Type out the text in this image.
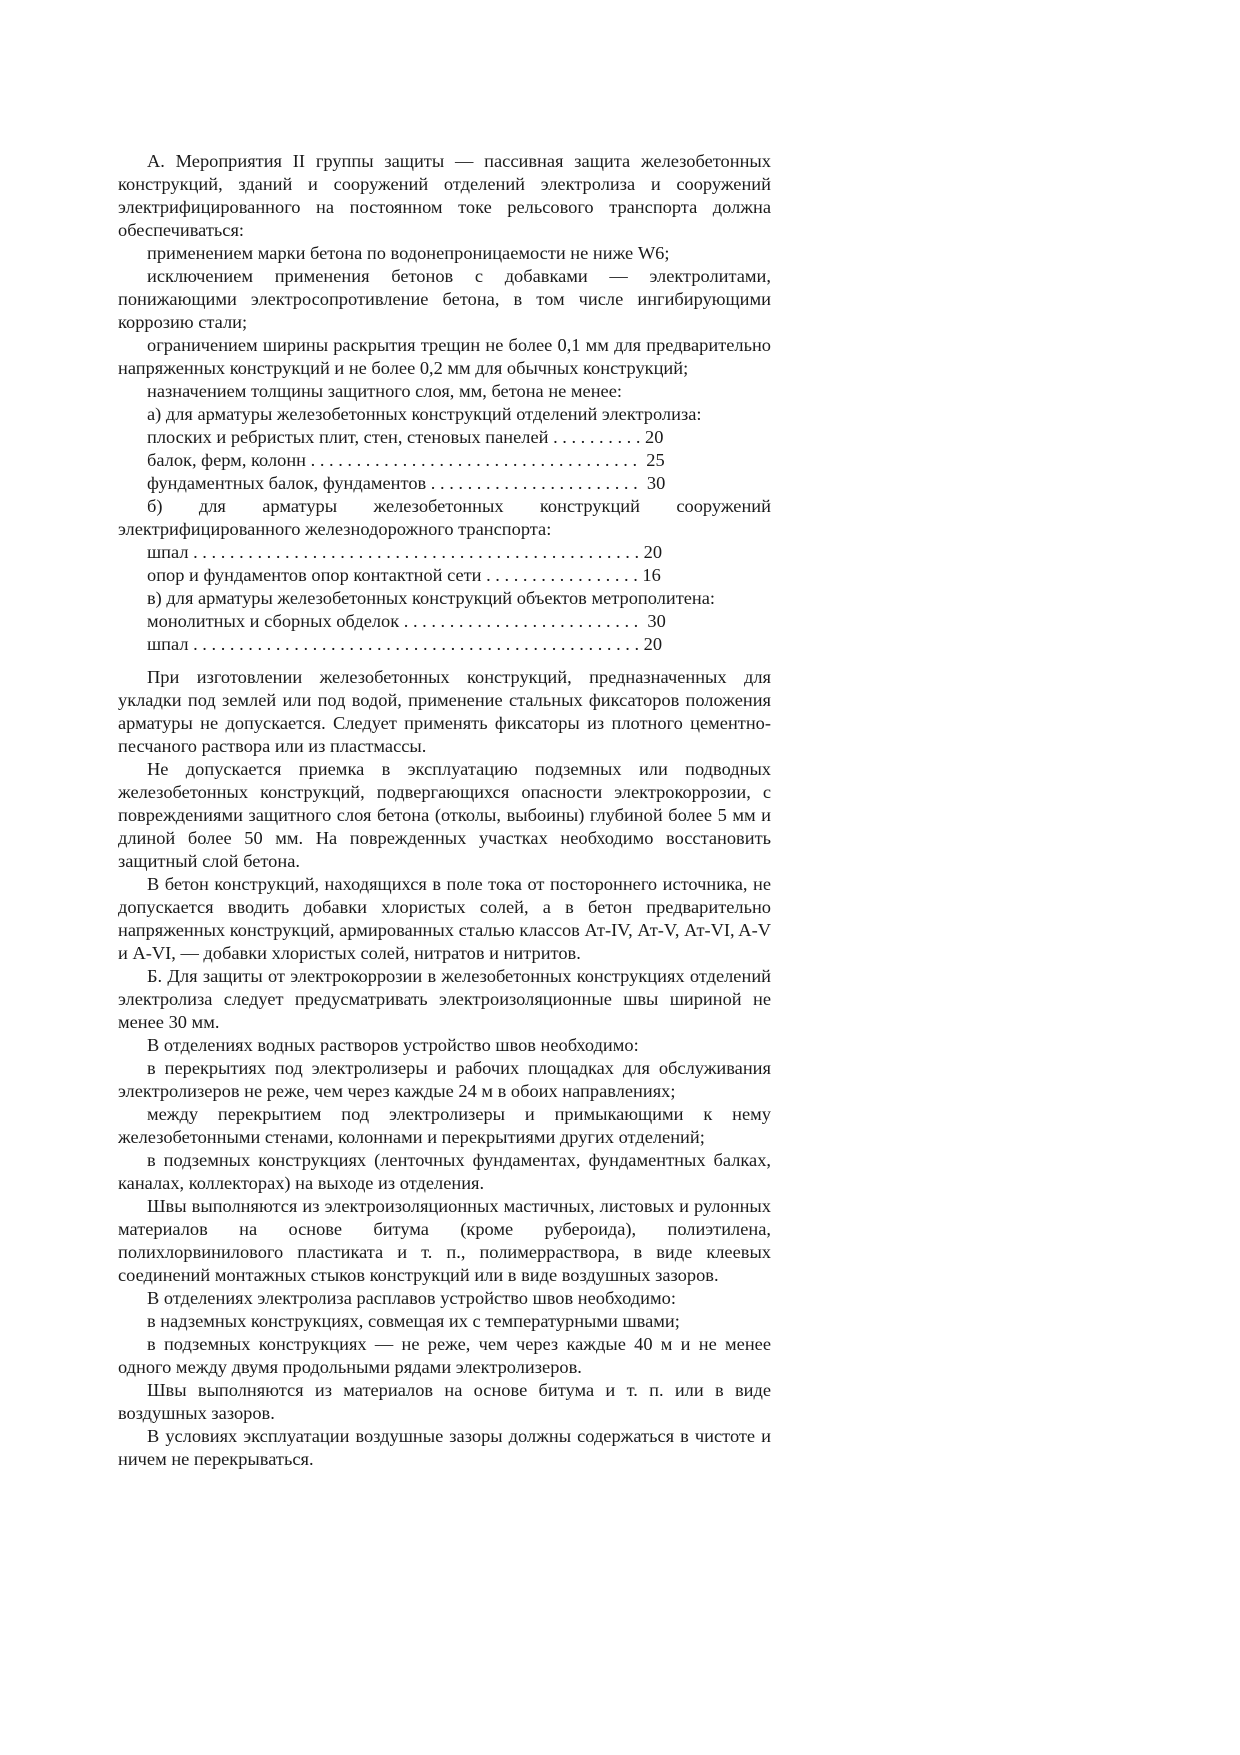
А. Мероприятия II группы защиты — пассивная защита железобетонных конструкций, зданий и сооружений отделений электролиза и сооружений электрифицированного на постоянном токе рельсового транспорта должна обеспечиваться:

применением марки бетона по водонепроницаемости не ниже W6;

исключением применения бетонов с добавками — электролитами, понижающими электросопротивление бетона, в том числе ингибирующими коррозию стали;

ограничением ширины раскрытия трещин не более 0,1 мм для предварительно напряженных конструкций и не более 0,2 мм для обычных конструкций;

назначением толщины защитного слоя, мм, бетона не менее:

а) для арматуры железобетонных конструкций отделений электролиза:

плоских и ребристых плит, стен, стеновых панелей . . . . . . . . . . 20

балок, ферм, колонн . . . . . . . . . . . . . . . . . . . . . . . . . . . . . . . . . . . .  25

фундаментных балок, фундаментов . . . . . . . . . . . . . . . . . . . . . . .  30

б) для арматуры железобетонных конструкций сооружений электрифицированного железнодорожного транспорта:

шпал . . . . . . . . . . . . . . . . . . . . . . . . . . . . . . . . . . . . . . . . . . . . . . . . . 20

опор и фундаментов опор контактной сети . . . . . . . . . . . . . . . . . 16

в) для арматуры железобетонных конструкций объектов метрополитена:

монолитных и сборных обделок . . . . . . . . . . . . . . . . . . . . . . . . . .  30

шпал . . . . . . . . . . . . . . . . . . . . . . . . . . . . . . . . . . . . . . . . . . . . . . . . . 20

При изготовлении железобетонных конструкций, предназначенных для укладки под землей или под водой, применение стальных фиксаторов положения арматуры не допускается. Следует применять фиксаторы из плотного цементно-песчаного раствора или из пластмассы.

Не допускается приемка в эксплуатацию подземных или подводных железобетонных конструкций, подвергающихся опасности электрокоррозии, с повреждениями защитного слоя бетона (отколы, выбоины) глубиной более 5 мм и длиной более 50 мм. На поврежденных участках необходимо восстановить защитный слой бетона.

В бетон конструкций, находящихся в поле тока от постороннего источника, не допускается вводить добавки хлористых солей, а в бетон предварительно напряженных конструкций, армированных сталью классов Ат-IV, Ат-V, Ат-VI, A-V и A-VI, — добавки хлористых солей, нитратов и нитритов.

Б. Для защиты от электрокоррозии в железобетонных конструкциях отделений электролиза следует предусматривать электроизоляционные швы шириной не менее 30 мм.

В отделениях водных растворов устройство швов необходимо:

в перекрытиях под электролизеры и рабочих площадках для обслуживания электролизеров не реже, чем через каждые 24 м в обоих направлениях;

между перекрытием под электролизеры и примыкающими к нему железобетонными стенами, колоннами и перекрытиями других отделений;

в подземных конструкциях (ленточных фундаментах, фундаментных балках, каналах, коллекторах) на выходе из отделения.

Швы выполняются из электроизоляционных мастичных, листовых и рулонных материалов на основе битума (кроме рубероида), полиэтилена, полихлорвинилового пластиката и т. п., полимерраствора, в виде клеевых соединений монтажных стыков конструкций или в виде воздушных зазоров.

В отделениях электролиза расплавов устройство швов необходимо:

в надземных конструкциях, совмещая их с температурными швами;

в подземных конструкциях — не реже, чем через каждые 40 м и не менее одного между двумя продольными рядами электролизеров.

Швы выполняются из материалов на основе битума и т. п. или в виде воздушных зазоров.

В условиях эксплуатации воздушные зазоры должны содержаться в чистоте и ничем не перекрываться.
